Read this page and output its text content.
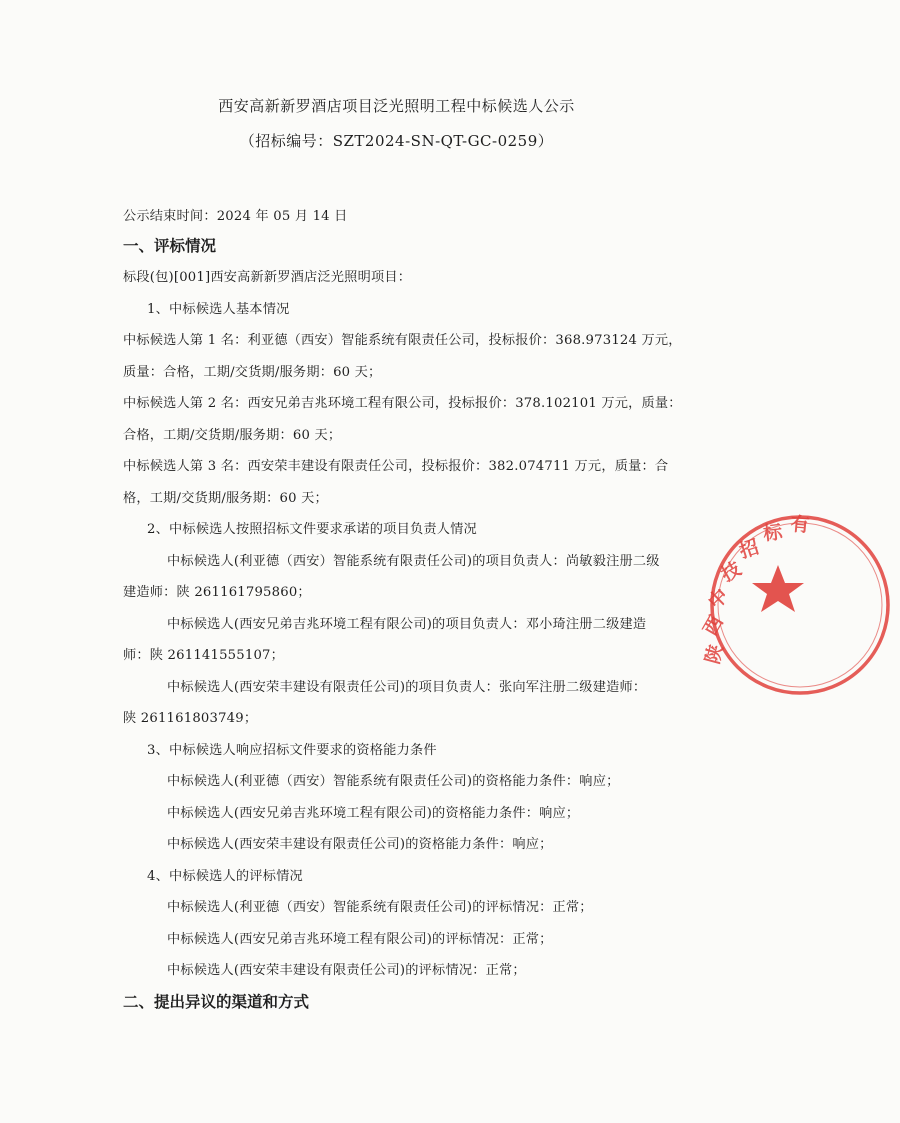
西安高新新罗酒店项目泛光照明工程中标候选人公示
（招标编号：SZT2024-SN-QT-GC-0259）
公示结束时间：2024 年 05 月 14 日
一、评标情况
标段(包)[001]西安高新新罗酒店泛光照明项目：
1、中标候选人基本情况
中标候选人第 1 名：利亚德（西安）智能系统有限责任公司，投标报价：368.973124 万元，
质量：合格，工期/交货期/服务期：60 天；
中标候选人第 2 名：西安兄弟吉兆环境工程有限公司，投标报价：378.102101 万元，质量：
合格，工期/交货期/服务期：60 天；
中标候选人第 3 名：西安荣丰建设有限责任公司，投标报价：382.074711 万元，质量：合
格，工期/交货期/服务期：60 天；
2、中标候选人按照招标文件要求承诺的项目负责人情况
中标候选人(利亚德（西安）智能系统有限责任公司)的项目负责人：尚敏毅注册二级
建造师：陕 261161795860；
中标候选人(西安兄弟吉兆环境工程有限公司)的项目负责人：邓小琦注册二级建造
师：陕 261141555107；
中标候选人(西安荣丰建设有限责任公司)的项目负责人：张向军注册二级建造师：
陕 261161803749；
3、中标候选人响应招标文件要求的资格能力条件
中标候选人(利亚德（西安）智能系统有限责任公司)的资格能力条件：响应；
中标候选人(西安兄弟吉兆环境工程有限公司)的资格能力条件：响应；
中标候选人(西安荣丰建设有限责任公司)的资格能力条件：响应；
4、中标候选人的评标情况
中标候选人(利亚德（西安）智能系统有限责任公司)的评标情况：正常；
中标候选人(西安兄弟吉兆环境工程有限公司)的评标情况：正常；
中标候选人(西安荣丰建设有限责任公司)的评标情况：正常；
二、提出异议的渠道和方式
陕
西
中
技
招
标 有
